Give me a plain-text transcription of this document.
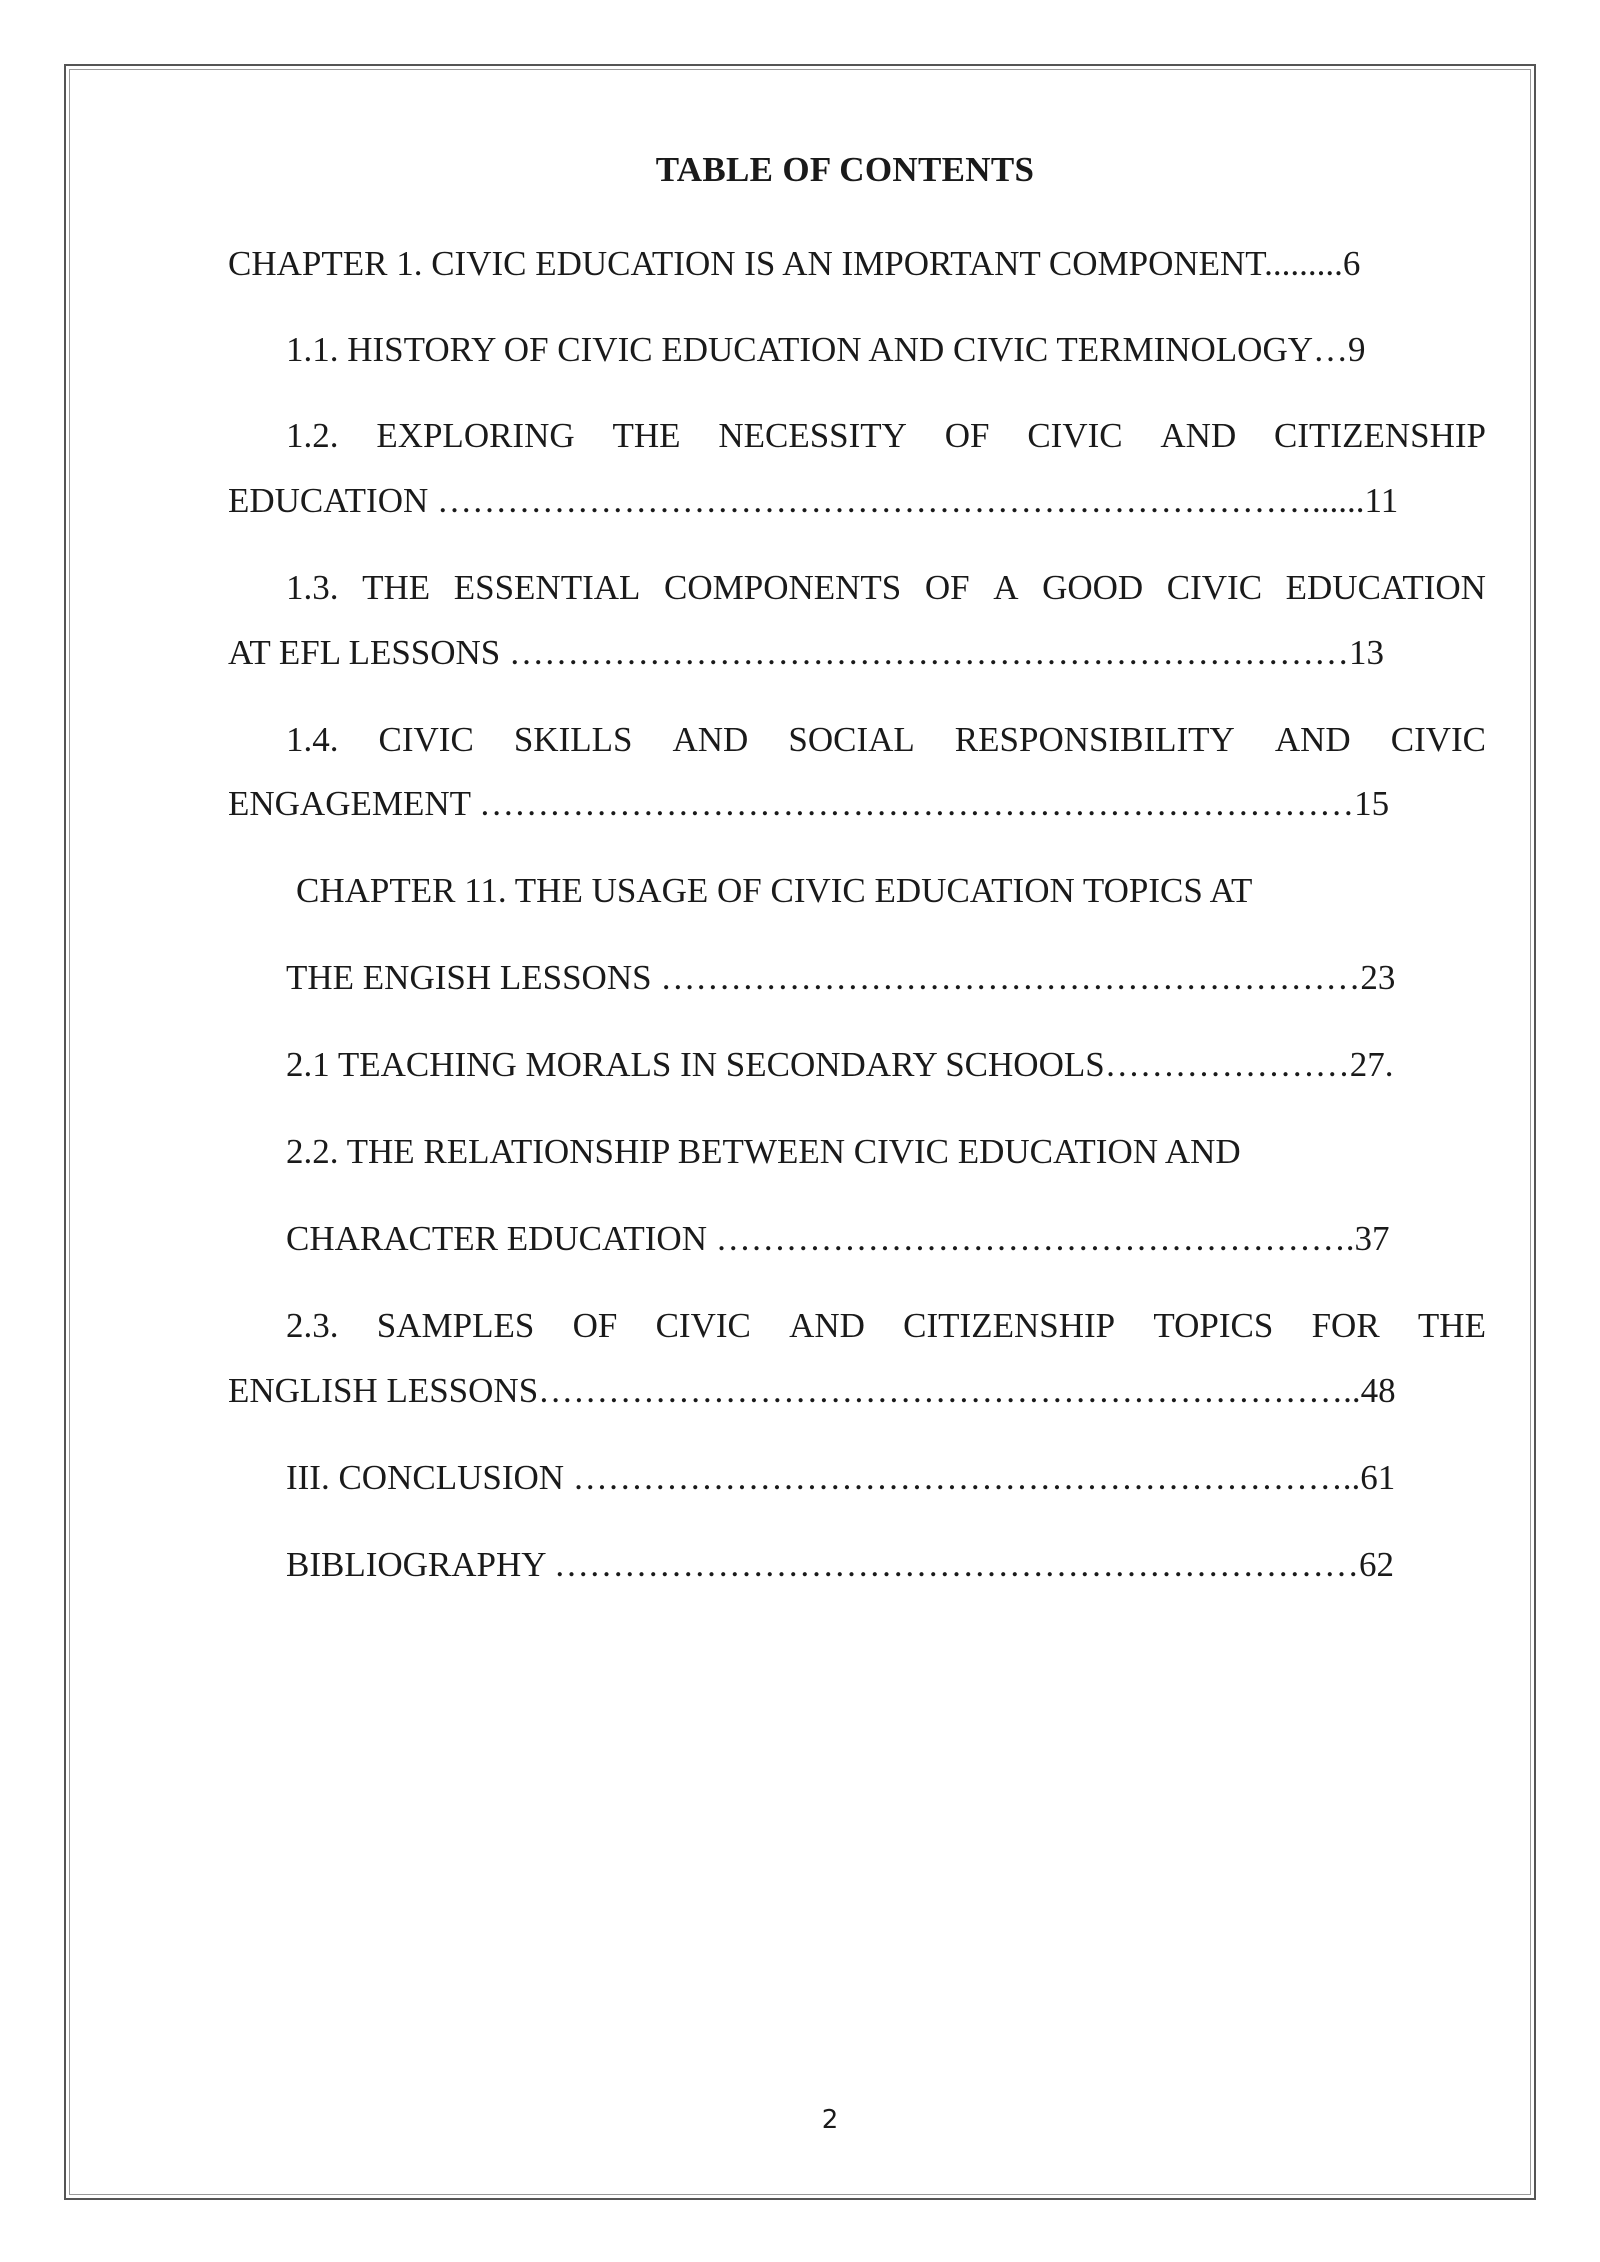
TABLE OF CONTENTS
CHAPTER 1. CIVIC EDUCATION IS AN IMPORTANT COMPONENT.........6
1.1. HISTORY OF CIVIC EDUCATION AND CIVIC TERMINOLOGY…9
1.2. EXPLORING THE NECESSITY OF CIVIC AND CITIZENSHIP
EDUCATION …………………………………………………………………......11
1.3. THE ESSENTIAL COMPONENTS OF A GOOD CIVIC EDUCATION
AT EFL LESSONS ………………………………………………………………13
1.4. CIVIC SKILLS AND SOCIAL RESPONSIBILITY AND CIVIC
ENGAGEMENT …………………………………………………………………15
CHAPTER 11. THE USAGE OF CIVIC EDUCATION TOPICS AT
THE ENGISH LESSONS ……………………………………………………23
2.1 TEACHING MORALS IN SECONDARY SCHOOLS…………………27.
2.2. THE RELATIONSHIP BETWEEN CIVIC EDUCATION AND
CHARACTER EDUCATION ……………………………………………….37
2.3. SAMPLES OF CIVIC AND CITIZENSHIP TOPICS FOR THE
ENGLISH LESSONS……………………………………………………………..48
III. CONCLUSION …………………………………………………………..61
BIBLIOGRAPHY ……………………………………………………………62
2
